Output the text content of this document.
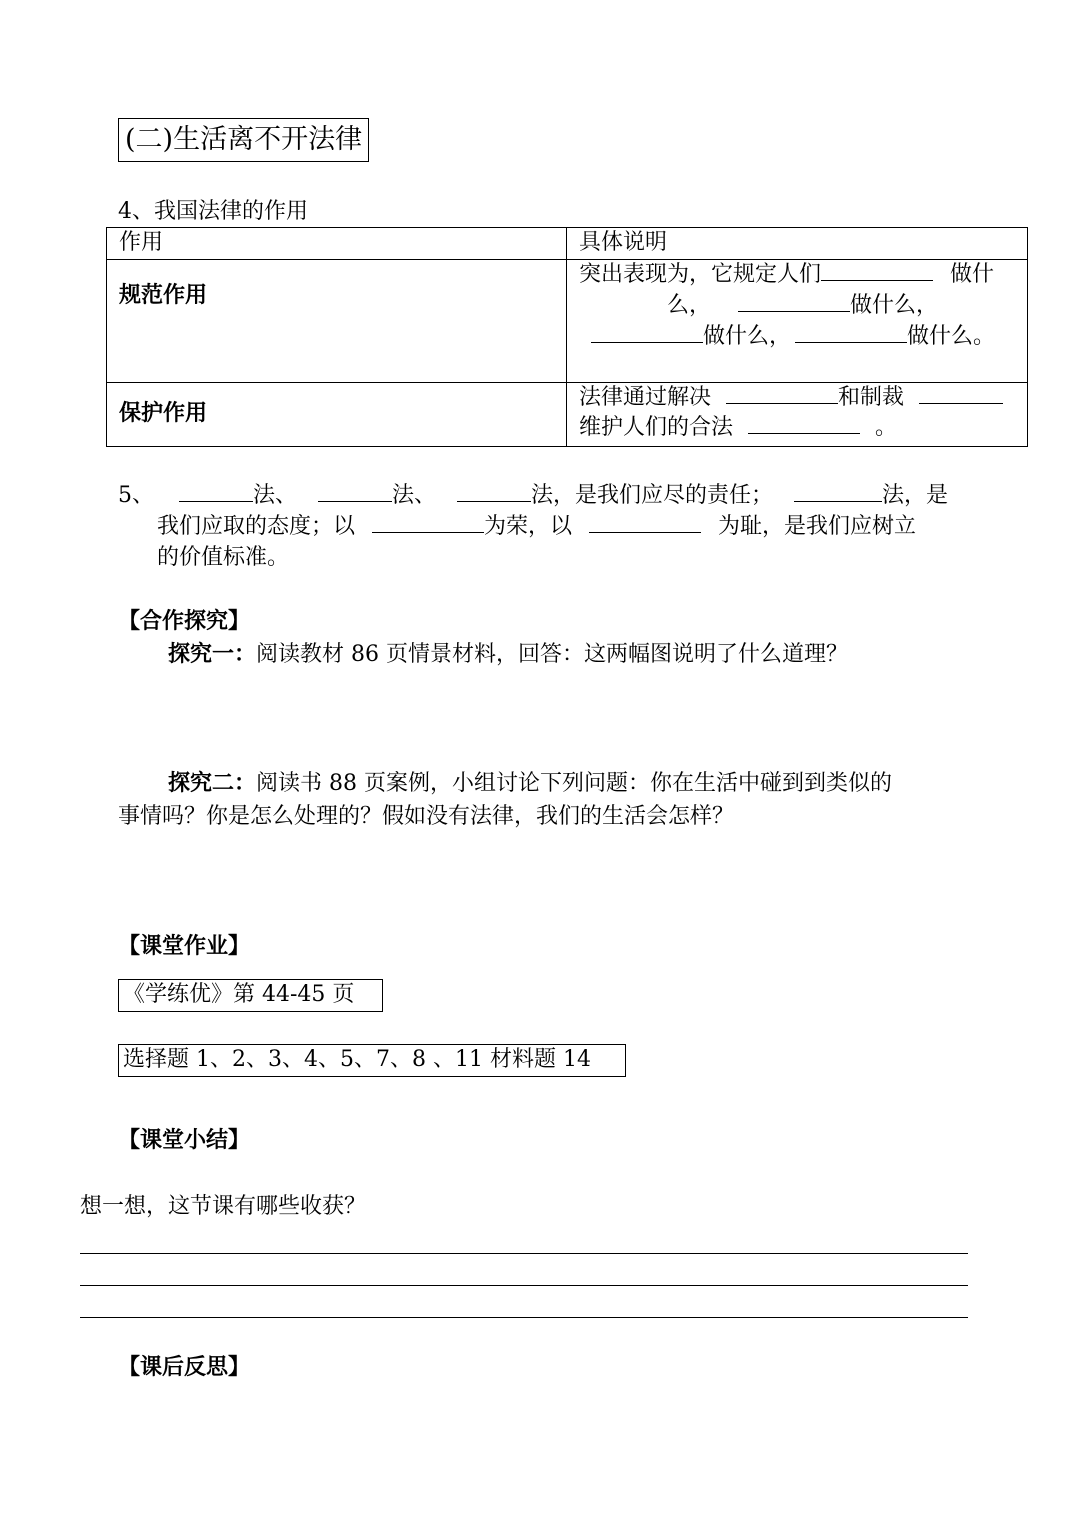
(二)生活离不开法律
4、我国法律的作用
作用	具体说明
规范作用	突出表现为，它规定人们 做什
么， 做什么，
做什么， 做什么。

保护作用	法律通过解决 和制裁
维护人们的合法 。
5、	法、	法、	法，是我们应尽的责任；	法，是
我们应取的态度；以	为荣，以	为耻，是我们应树立
的价值标准。
【合作探究】
探究一：阅读教材 86 页情景材料，回答：这两幅图说明了什么道理？
探究二：阅读书 88 页案例，小组讨论下列问题：你在生活中碰到到类似的
事情吗？你是怎么处理的？假如没有法律，我们的生活会怎样？
【课堂作业】
《学练优》第 44-45 页
选择题 1、2、3、4、5、7、8 、11 材料题 14
【课堂小结】
想一想，这节课有哪些收获？
【课后反思】
